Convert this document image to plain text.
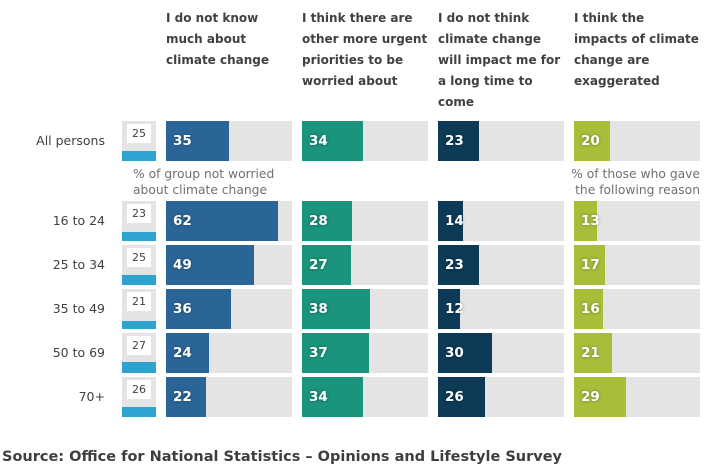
I do not know much about climate change
I think there are other more urgent priorities to be worried about
I do not think climate change will impact me for a long time to come
I think the impacts of climate change are exaggerated
All persons	25	35	34	23	20
% of group not worried about climate change
% of those who gave the following reason
16 to 24	23	62	28	14	13
25 to 34	25	49	27	23	17
35 to 49	21	36	38	12	16
50 to 69	27	24	37	30	21
70+	26	22	34	26	29
Source: Office for National Statistics – Opinions and Lifestyle Survey
